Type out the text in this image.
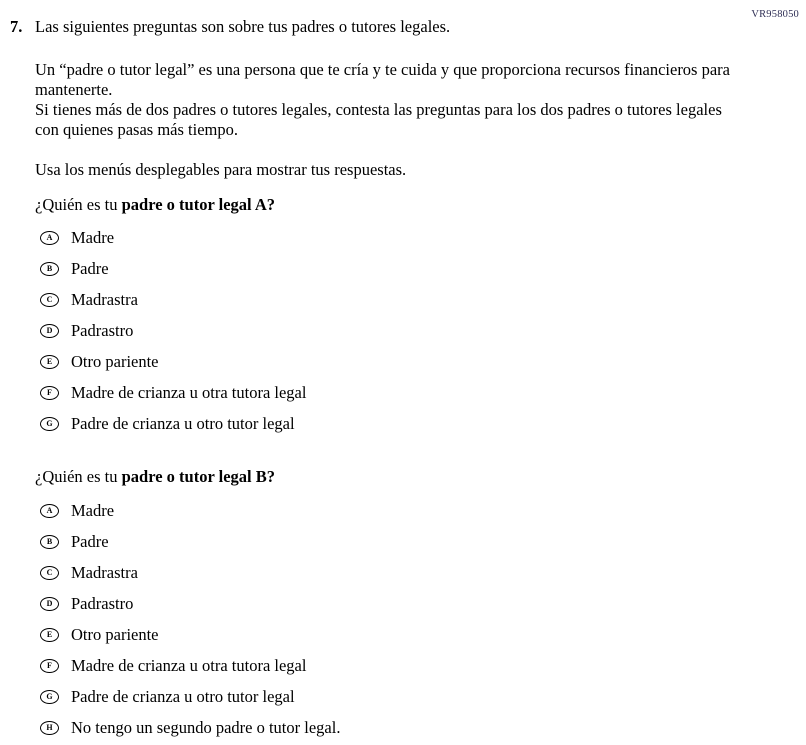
VR958050
7. Las siguientes preguntas son sobre tus padres o tutores legales.

Un “padre o tutor legal” es una persona que te cría y te cuida y que proporciona recursos financieros para mantenerte.

Si tienes más de dos padres o tutores legales, contesta las preguntas para los dos padres o tutores legales con quienes pasas más tiempo.

Usa los menús desplegables para mostrar tus respuestas.
¿Quién es tu padre o tutor legal A?
A	Madre
B	Padre
C	Madrastra
D	Padrastro
E	Otro pariente
F	Madre de crianza u otra tutora legal
G	Padre de crianza u otro tutor legal
¿Quién es tu padre o tutor legal B?
A	Madre
B	Padre
C	Madrastra
D	Padrastro
E	Otro pariente
F	Madre de crianza u otra tutora legal
G	Padre de crianza u otro tutor legal
H	No tengo un segundo padre o tutor legal.
